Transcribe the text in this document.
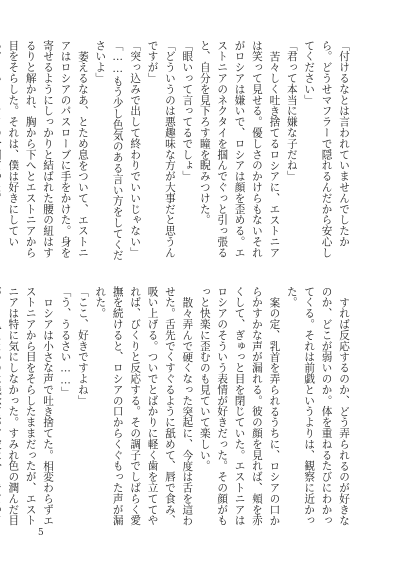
「付けるなとは言われていませんでしたから。どうせマフラーで隠れるんだから安心してください」
「君って本当に嫌な子だね」
苦々しく吐き捨てるロシアに、エストニアは笑って見せる。優しさのかけらもないそれがロシアは嫌いで、ロシアは顔を歪める。エストニアのネクタイを掴んでぐっと引っ張ると、自分を見下ろす瞳を睨みつけた。
「眼いって言ってるでしょ」
「どういうのは悪趣味な方が大事だと思うんですが」
「突っ込みで出して終わりでいいじゃない」
「……もう少し色気のある言い方をしてくださいよ」
萎えるなあ、とため息をついて、エストニアはロシアのパスローブに手をかけた。身を寄せるようにしっかりと結ばれた腰の紐はするりと解かれ、胸から下へとエストニアから目をそらした。それは、僕は好きにしてい
すれば反応するのか、どう弄られるのが好きなのか、どこが弱いのか。体を重ねるたびにわかってくる。それは前戯というよりは、観察に近かった。
案の定、乳首を弄られるうちに、ロシアの口からかすかな声が漏れる。彼の顔を見れば、頬を赤くして、ぎゅっと目を閉じていた。エストニアはロシアのそういう表情が好きだった。その顔がもっと快楽に歪むのも見ていて楽しい。
散々弄んで硬くなった突起に、今度は舌を這わせた。舌先でくすぐるように舐めて、唇で食み、吸い上げる。ついでとばかりに軽く歯を立ててやれば、びくりと反応する。その調子でしばらく愛撫を続けると、ロシアの口からくぐもった声が漏れた。
「ここ、好きですよね」
「う、うるさい……」
ロシアは小さな声で吐き捨てた。相変わらずエストニアから目をそらしたままだったが、エストニアは特に気にしなかった。すみれ色の潤んだ目
5
